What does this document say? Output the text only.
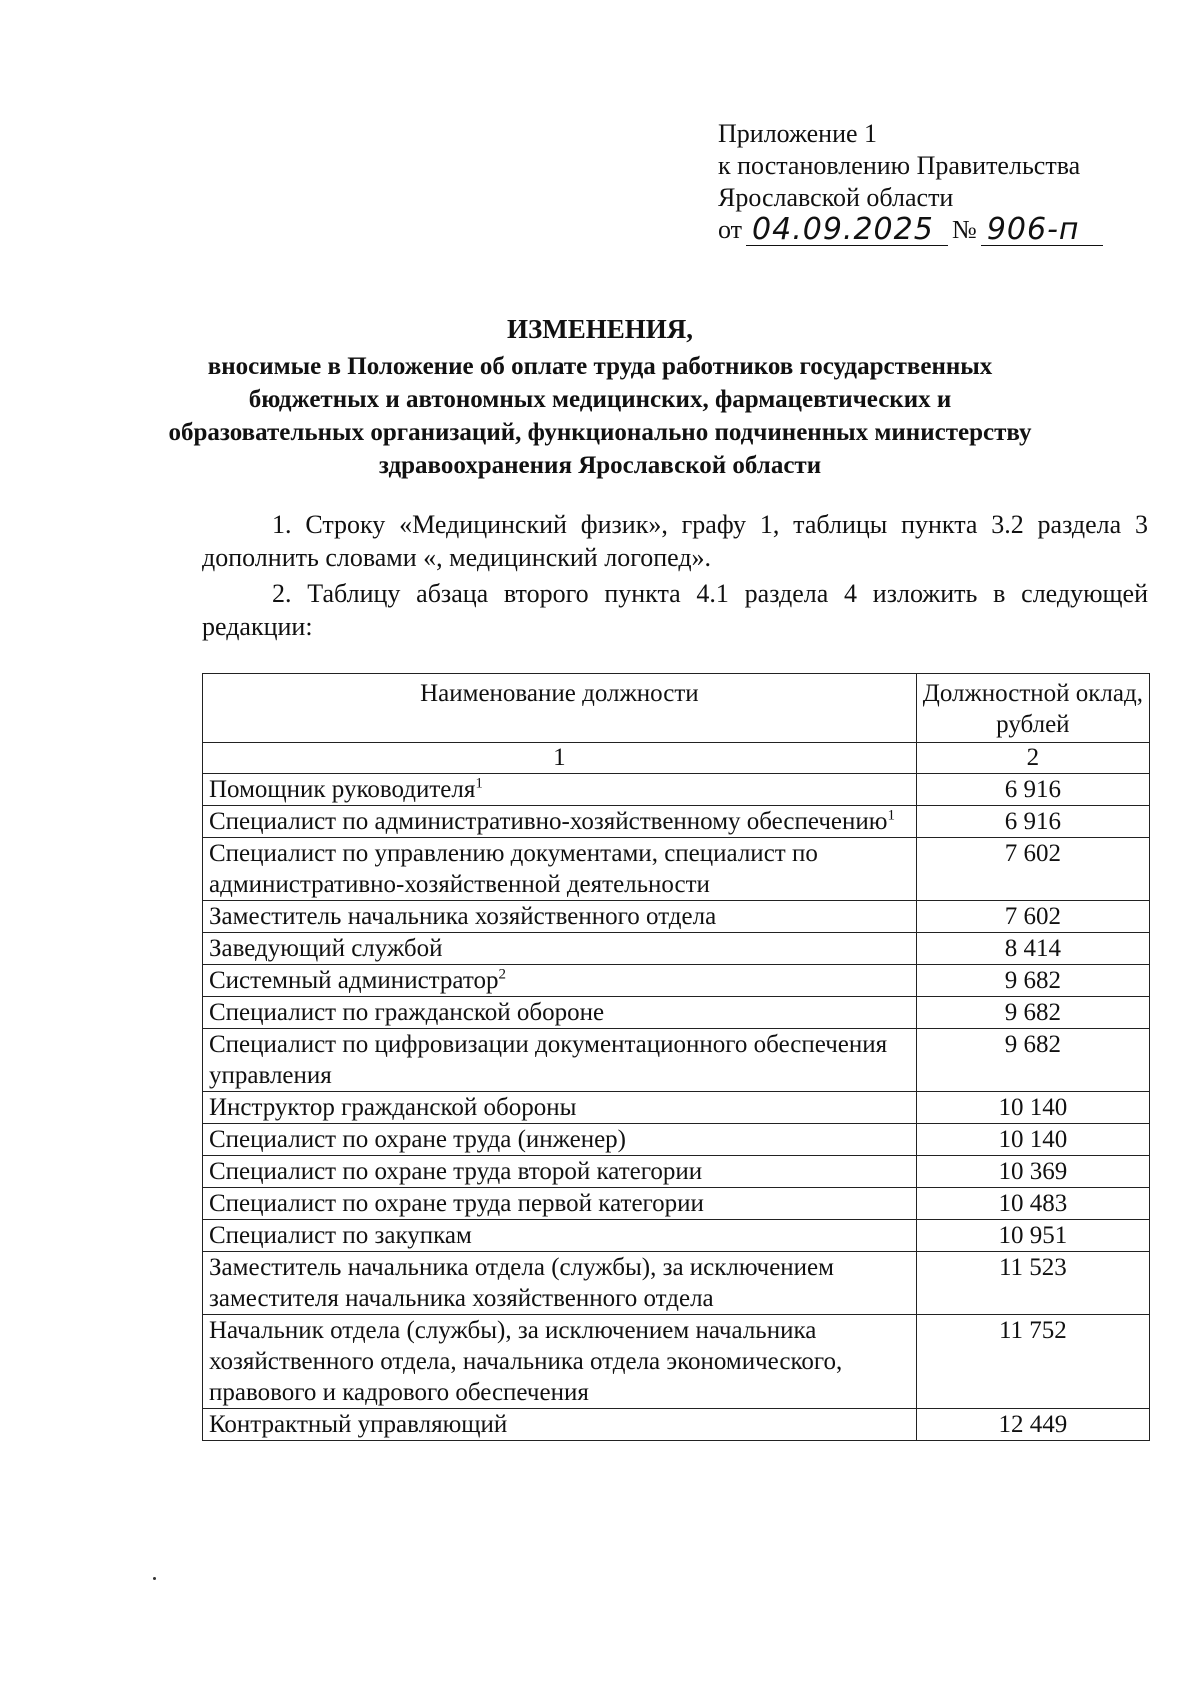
Приложение 1
к постановлению Правительства
Ярославской области
от 04.09.2025 № 906-п
ИЗМЕНЕНИЯ,
вносимые в Положение об оплате труда работников государственных бюджетных и автономных медицинских, фармацевтических и образовательных организаций, функционально подчиненных министерству здравоохранения Ярославской области

1. Строку «Медицинский физик», графу 1, таблицы пункта 3.2 раздела 3 дополнить словами «, медицинский логопед».

2. Таблицу абзаца второго пункта 4.1 раздела 4 изложить в следующей редакции:

Наименование должности	Должностной оклад, рублей
1	2
Помощник руководителя$^1$	6 916
Специалист по административно-хозяйственному обеспечению$^1$	6 916
Специалист по управлению документами, специалист по административно-хозяйственной деятельности	7 602
Заместитель начальника хозяйственного отдела	7 602
Заведующий службой	8 414
Системный администратор$^2$	9 682
Специалист по гражданской обороне	9 682
Специалист по цифровизации документационного обеспечения управления	9 682
Инструктор гражданской обороны	10 140
Специалист по охране труда (инженер)	10 140
Специалист по охране труда второй категории	10 369
Специалист по охране труда первой категории	10 483
Специалист по закупкам	10 951
Заместитель начальника отдела (службы), за исключением заместителя начальника хозяйственного отдела	11 523
Начальник отдела (службы), за исключением начальника хозяйственного отдела, начальника отдела экономического, правового и кадрового обеспечения	11 752
Контрактный управляющий	12 449
